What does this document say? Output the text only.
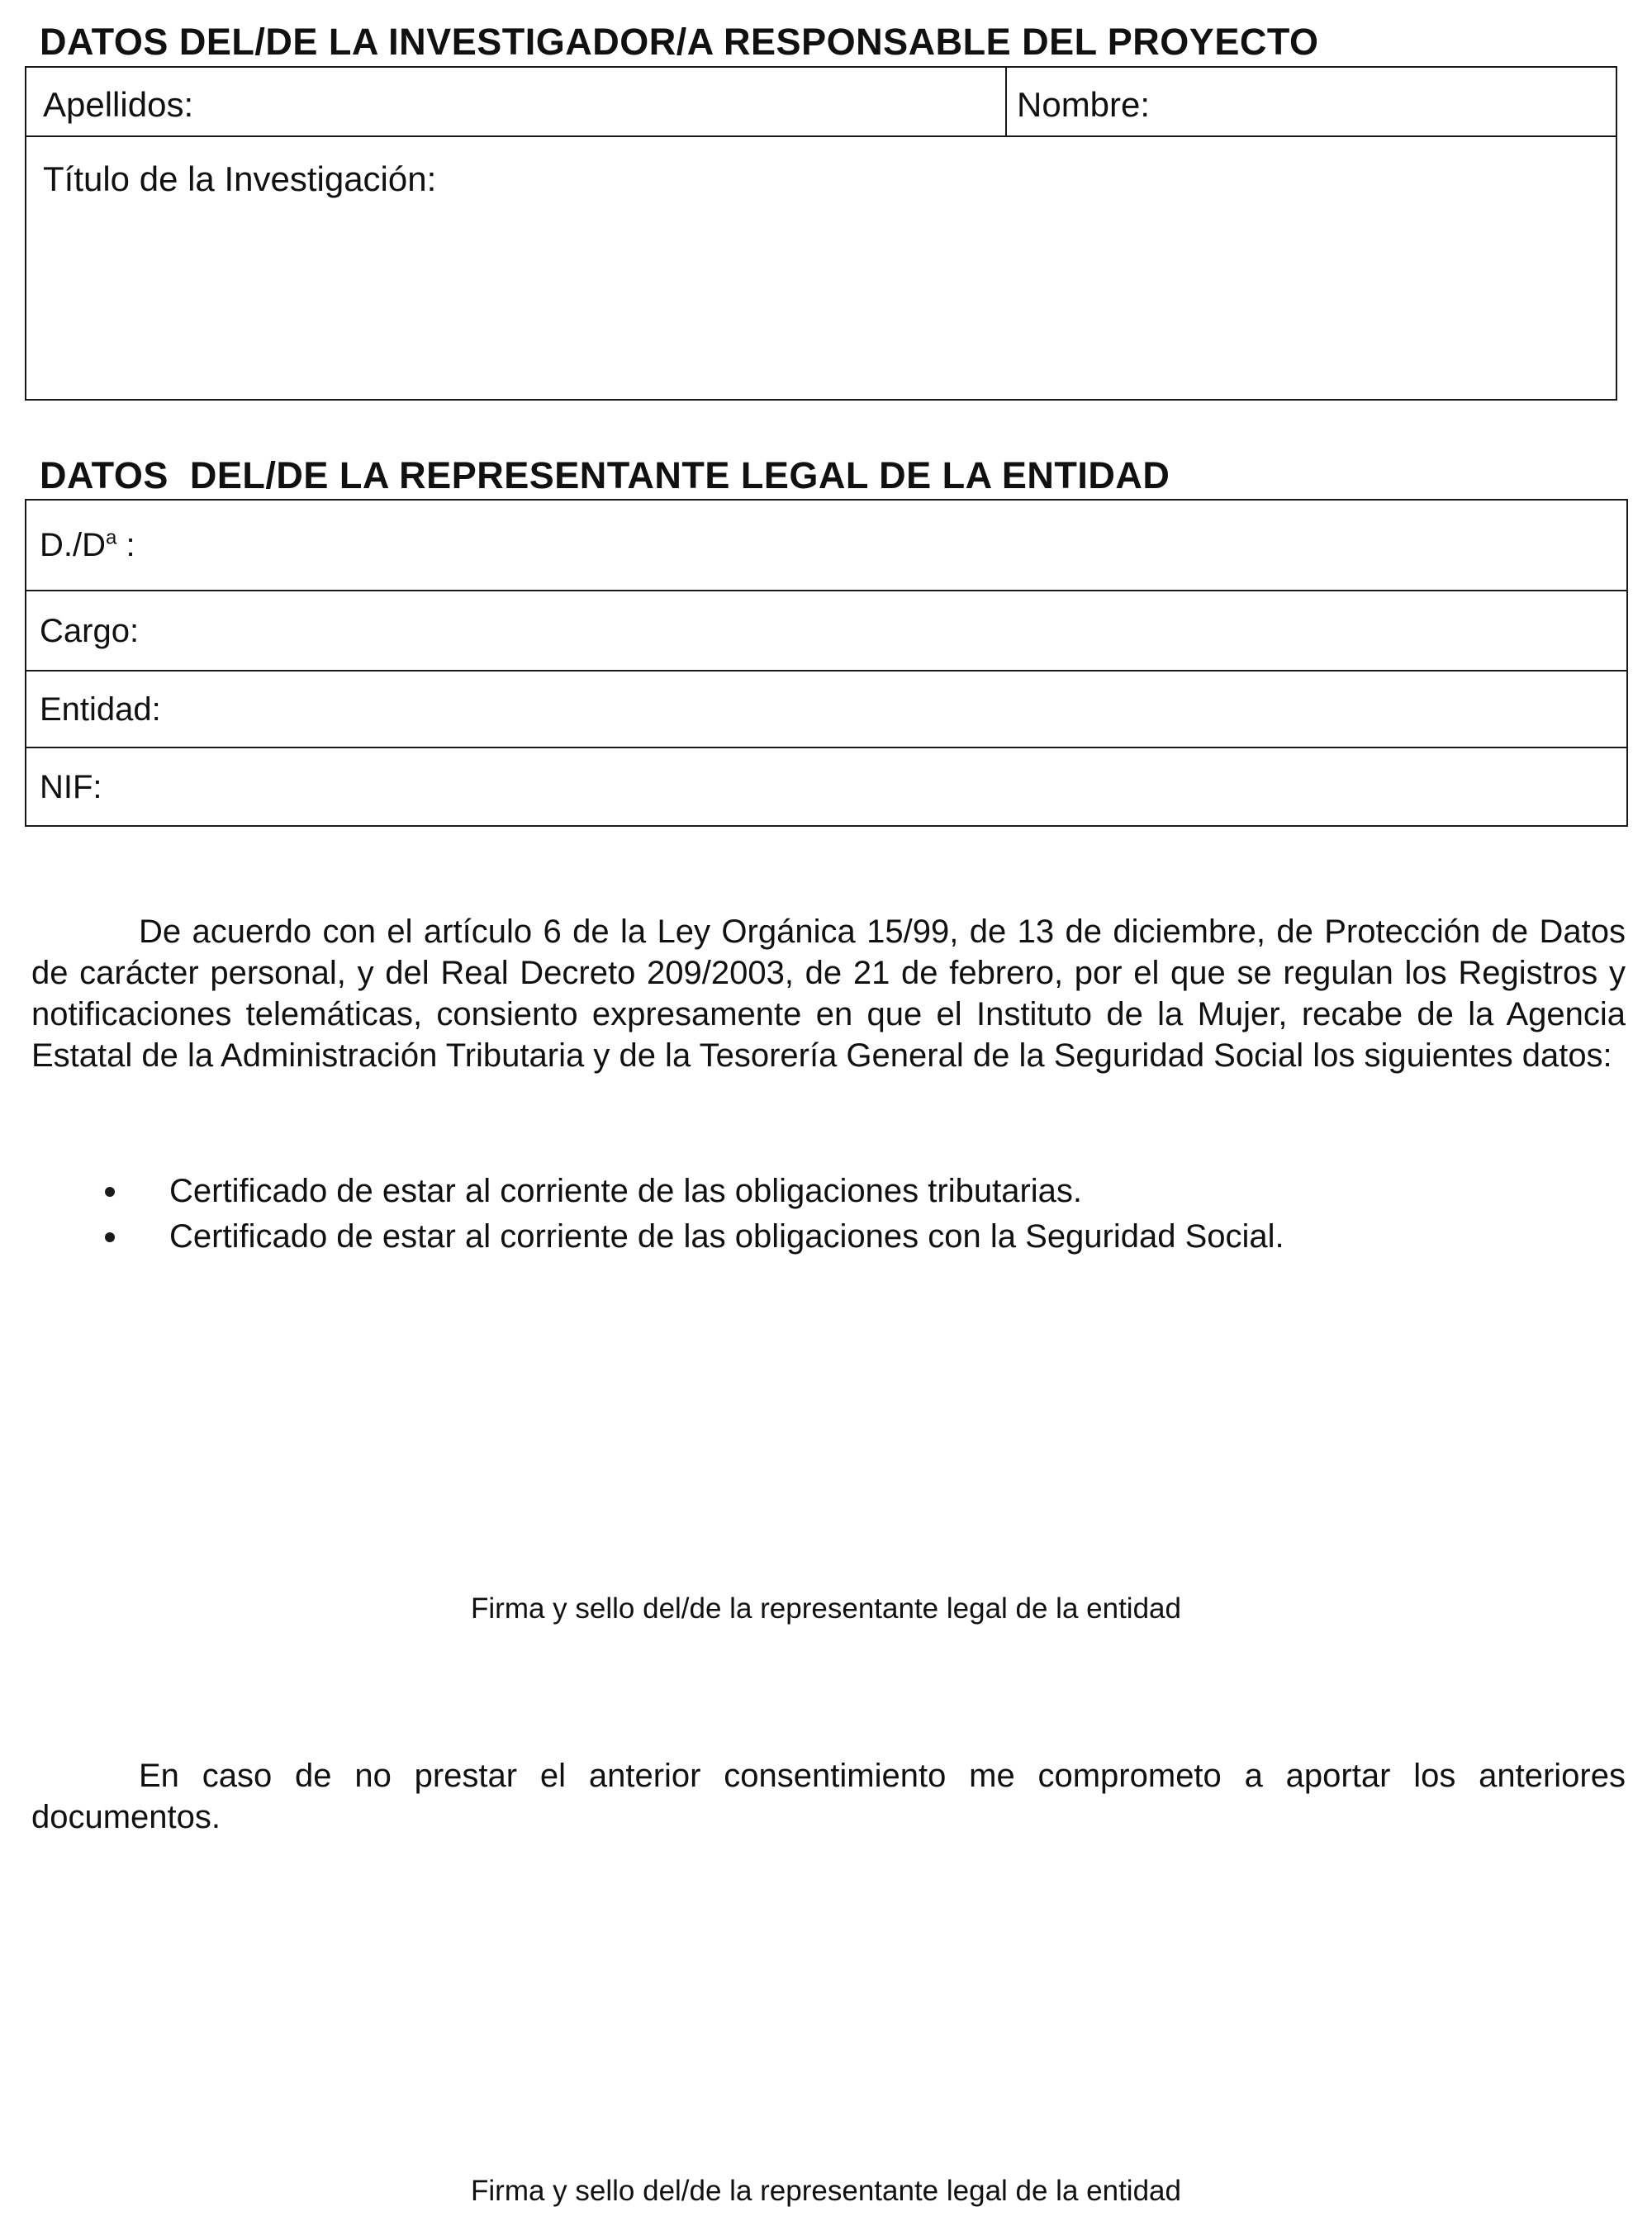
DATOS DEL/DE LA INVESTIGADOR/A RESPONSABLE DEL PROYECTO
Apellidos:	Nombre:
Título de la Investigación:
DATOS  DEL/DE LA REPRESENTANTE LEGAL DE LA ENTIDAD
$D./D^a$ :
Cargo:
Entidad:
NIF:

De acuerdo con el artículo 6 de la Ley Orgánica 15/99, de 13 de diciembre, de Protección de Datos de carácter personal, y del Real Decreto 209/2003, de 21 de febrero, por el que se regulan los Registros y notificaciones telemáticas, consiento expresamente en que el Instituto de la Mujer, recabe de la Agencia Estatal de la Administración Tributaria y de la Tesorería General de la Seguridad Social los siguientes datos:

Certificado de estar al corriente de las obligaciones tributarias.
Certificado de estar al corriente de las obligaciones con la Seguridad Social.

Firma y sello del/de la representante legal de la entidad

En caso de no prestar el anterior consentimiento me comprometo a aportar los anteriores documentos.

Firma y sello del/de la representante legal de la entidad
